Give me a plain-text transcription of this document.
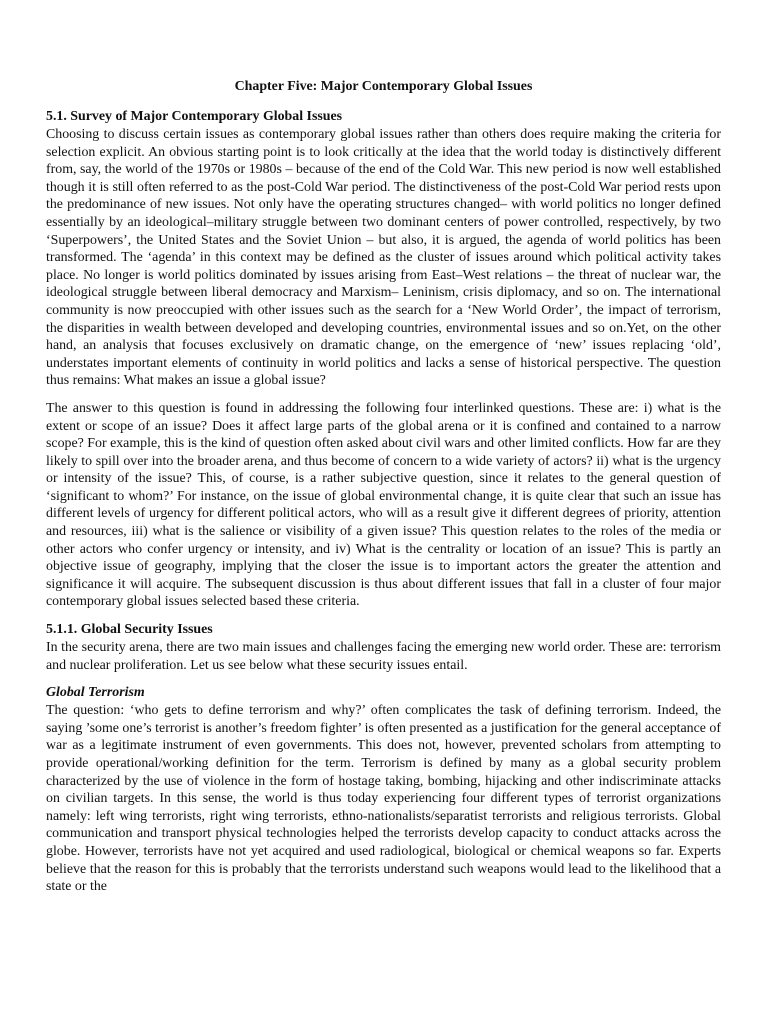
Chapter Five: Major Contemporary Global Issues
5.1. Survey of Major Contemporary Global Issues

Choosing to discuss certain issues as contemporary global issues rather than others does require making the criteria for selection explicit. An obvious starting point is to look critically at the idea that the world today is distinctively different from, say, the world of the 1970s or 1980s – because of the end of the Cold War. This new period is now well established though it is still often referred to as the post-Cold War period. The distinctiveness of the post-Cold War period rests upon the predominance of new issues. Not only have the operating structures changed– with world politics no longer defined essentially by an ideological–military struggle between two dominant centers of power controlled, respectively, by two ‘Superpowers’, the United States and the Soviet Union – but also, it is argued, the agenda of world politics has been transformed. The ‘agenda’ in this context may be defined as the cluster of issues around which political activity takes place. No longer is world politics dominated by issues arising from East–West relations – the threat of nuclear war, the ideological struggle between liberal democracy and Marxism– Leninism, crisis diplomacy, and so on. The international community is now preoccupied with other issues such as the search for a ‘New World Order’, the impact of terrorism, the disparities in wealth between developed and developing countries, environmental issues and so on.Yet, on the other hand, an analysis that focuses exclusively on dramatic change, on the emergence of ‘new’ issues replacing ‘old’, understates important elements of continuity in world politics and lacks a sense of historical perspective. The question thus remains: What makes an issue a global issue?

The answer to this question is found in addressing the following four interlinked questions. These are: i) what is the extent or scope of an issue? Does it affect large parts of the global arena or it is confined and contained to a narrow scope? For example, this is the kind of question often asked about civil wars and other limited conflicts. How far are they likely to spill over into the broader arena, and thus become of concern to a wide variety of actors? ii) what is the urgency or intensity of the issue? This, of course, is a rather subjective question, since it relates to the general question of ‘significant to whom?’ For instance, on the issue of global environmental change, it is quite clear that such an issue has different levels of urgency for different political actors, who will as a result give it different degrees of priority, attention and resources, iii) what is the salience or visibility of a given issue? This question relates to the roles of the media or other actors who confer urgency or intensity, and iv) What is the centrality or location of an issue? This is partly an objective issue of geography, implying that the closer the issue is to important actors the greater the attention and significance it will acquire. The subsequent discussion is thus about different issues that fall in a cluster of four major contemporary global issues selected based these criteria.

5.1.1. Global Security Issues

In the security arena, there are two main issues and challenges facing the emerging new world order. These are: terrorism and nuclear proliferation. Let us see below what these security issues entail.

Global Terrorism

The question: ‘who gets to define terrorism and why?’ often complicates the task of defining terrorism. Indeed, the saying ’some one’s terrorist is another’s freedom fighter’ is often presented as a justification for the general acceptance of war as a legitimate instrument of even governments. This does not, however, prevented scholars from attempting to provide operational/working definition for the term. Terrorism is defined by many as a global security problem characterized by the use of violence in the form of hostage taking, bombing, hijacking and other indiscriminate attacks on civilian targets. In this sense, the world is thus today experiencing four different types of terrorist organizations namely: left wing terrorists, right wing terrorists, ethno-nationalists/separatist terrorists and religious terrorists. Global communication and transport physical technologies helped the terrorists develop capacity to conduct attacks across the globe. However, terrorists have not yet acquired and used radiological, biological or chemical weapons so far. Experts believe that the reason for this is probably that the terrorists understand such weapons would lead to the likelihood that a state or the
